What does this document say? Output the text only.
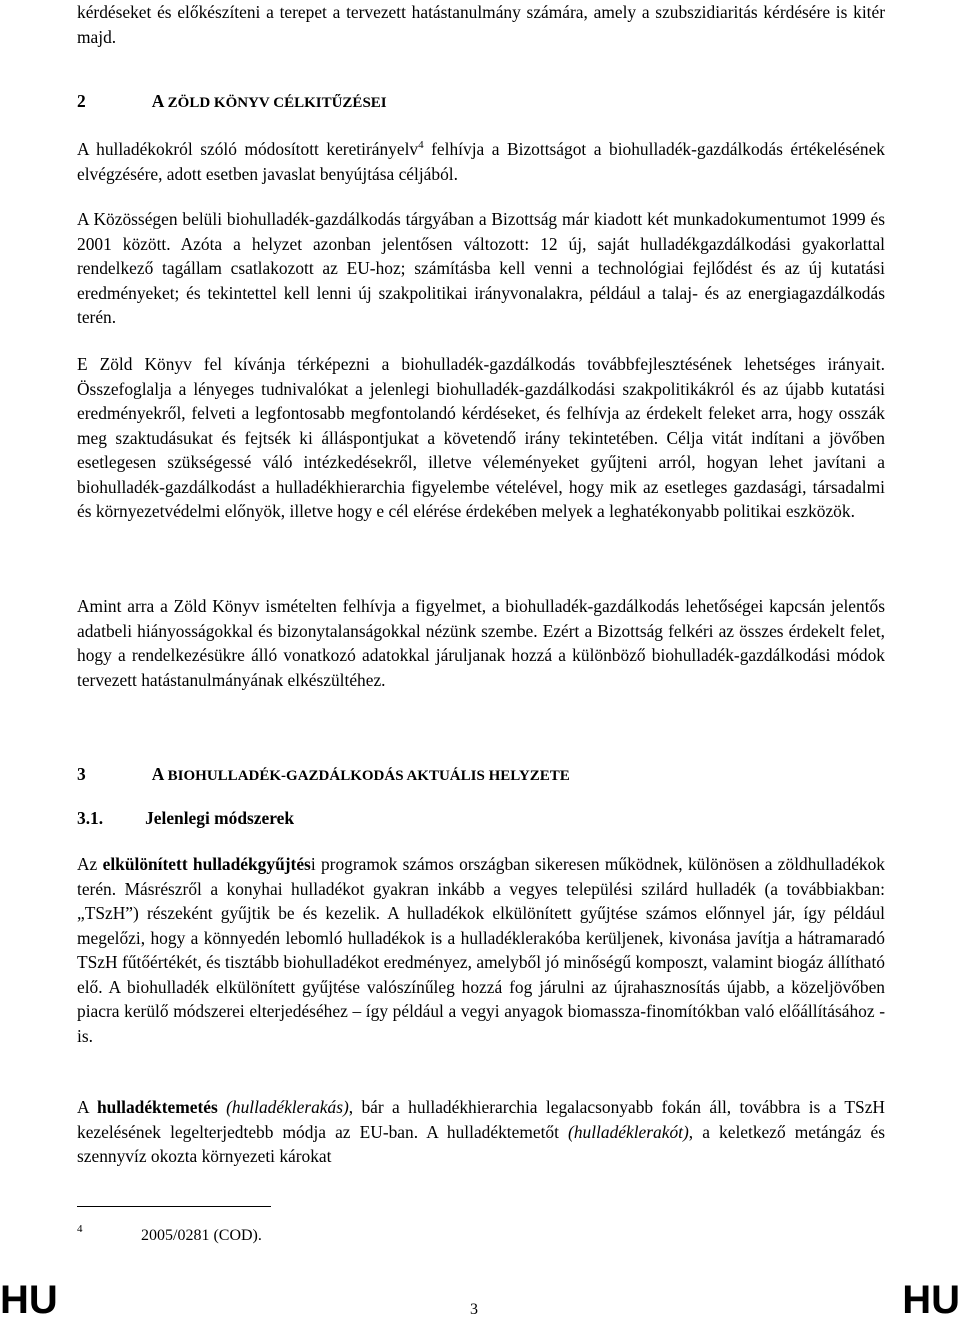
kérdéseket és előkészíteni a terepet a tervezett hatástanulmány számára, amely a szubszidiaritás kérdésére is kitér majd.

2	A ZÖLD KÖNYV CÉLKITŰZÉSEI

A hulladékokról szóló módosított keretirányelv$^4$ felhívja a Bizottságot a biohulladék-gazdálkodás értékelésének elvégzésére, adott esetben javaslat benyújtása céljából.

A Közösségen belüli biohulladék-gazdálkodás tárgyában a Bizottság már kiadott két munkadokumentumot 1999 és 2001 között. Azóta a helyzet azonban jelentősen változott: 12 új, saját hulladékgazdálkodási gyakorlattal rendelkező tagállam csatlakozott az EU-hoz; számításba kell venni a technológiai fejlődést és az új kutatási eredményeket; és tekintettel kell lenni új szakpolitikai irányvonalakra, például a talaj- és az energiagazdálkodás terén.

E Zöld Könyv fel kívánja térképezni a biohulladék-gazdálkodás továbbfejlesztésének lehetséges irányait. Összefoglalja a lényeges tudnivalókat a jelenlegi biohulladék-gazdálkodási szakpolitikákról és az újabb kutatási eredményekről, felveti a legfontosabb megfontolandó kérdéseket, és felhívja az érdekelt feleket arra, hogy osszák meg szaktudásukat és fejtsék ki álláspontjukat a követendő irány tekintetében. Célja vitát indítani a jövőben esetlegesen szükségessé váló intézkedésekről, illetve véleményeket gyűjteni arról, hogyan lehet javítani a biohulladék-gazdálkodást a hulladékhierarchia figyelembe vételével, hogy mik az esetleges gazdasági, társadalmi és környezetvédelmi előnyök, illetve hogy e cél elérése érdekében melyek a leghatékonyabb politikai eszközök.

Amint arra a Zöld Könyv ismételten felhívja a figyelmet, a biohulladék-gazdálkodás lehetőségei kapcsán jelentős adatbeli hiányosságokkal és bizonytalanságokkal nézünk szembe. Ezért a Bizottság felkéri az összes érdekelt felet, hogy a rendelkezésükre álló vonatkozó adatokkal járuljanak hozzá a különböző biohulladék-gazdálkodási módok tervezett hatástanulmányának elkészültéhez.

3	A BIOHULLADÉK-GAZDÁLKODÁS AKTUÁLIS HELYZETE
3.1. Jelenlegi módszerek

Az elkülönített hulladékgyűjtési programok számos országban sikeresen működnek, különösen a zöldhulladékok terén. Másrészről a konyhai hulladékot gyakran inkább a vegyes települési szilárd hulladék (a továbbiakban: „TSzH”) részeként gyűjtik be és kezelik. A hulladékok elkülönített gyűjtése számos előnnyel jár, így például megelőzi, hogy a könnyedén lebomló hulladékok is a hulladéklerakóba kerüljenek, kivonása javítja a hátramaradó TSzH fűtőértékét, és tisztább biohulladékot eredményez, amelyből jó minőségű komposzt, valamint biogáz állítható elő. A biohulladék elkülönített gyűjtése valószínűleg hozzá fog járulni az újrahasznosítás újabb, a közeljövőben piacra kerülő módszerei elterjedéséhez – így például a vegyi anyagok biomassza-finomítókban való előállításához - is.

A hulladéktemetés (hulladéklerakás), bár a hulladékhierarchia legalacsonyabb fokán áll, továbbra is a TSzH kezelésének legelterjedtebb módja az EU-ban. A hulladéktemetőt (hulladéklerakót), a keletkező metángáz és szennyvíz okozta környezeti károkat

4	2005/0281 (COD).
HU	3	HU
